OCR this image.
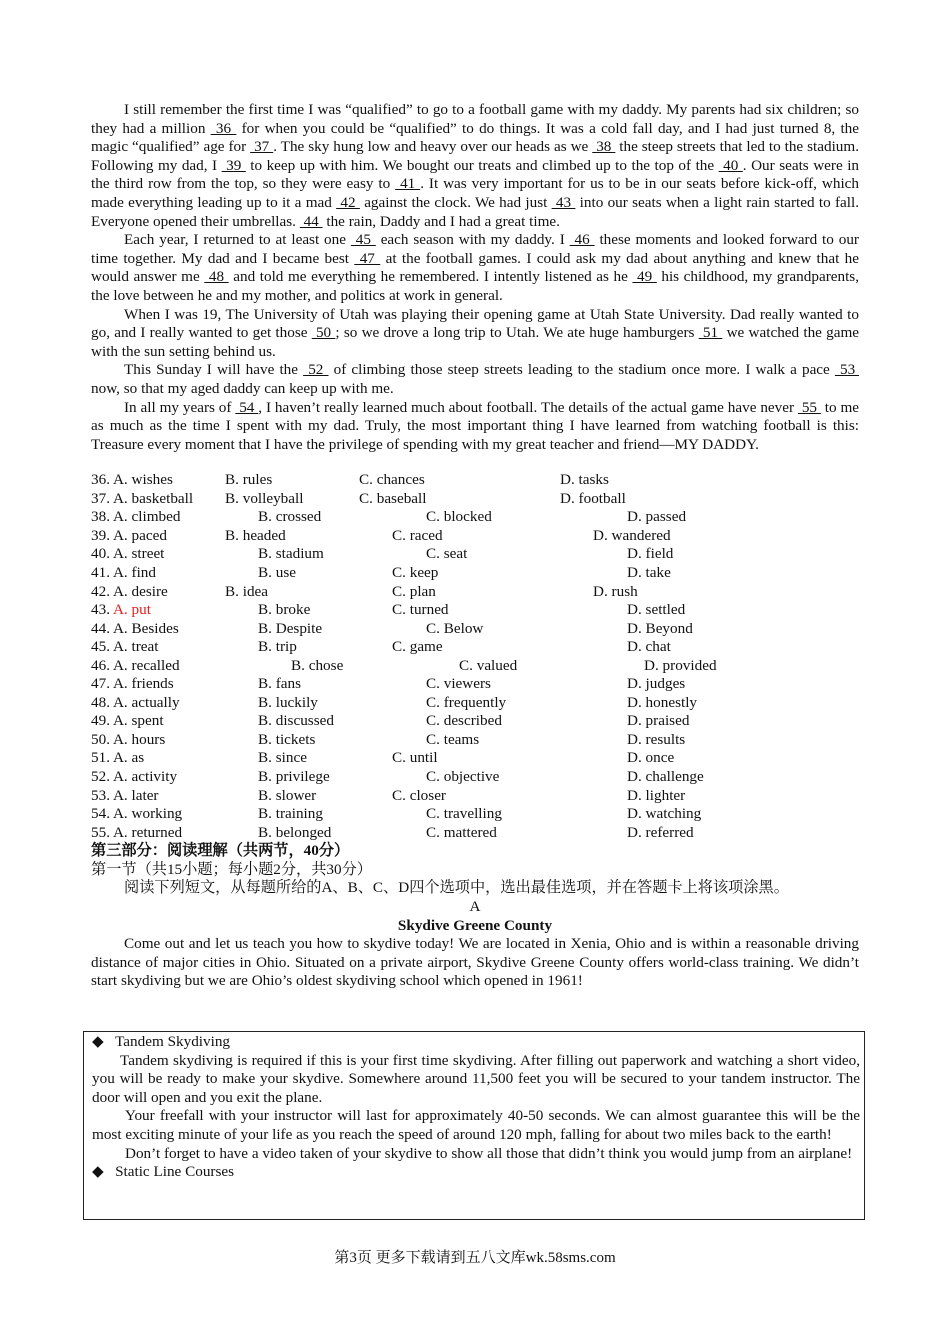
I still remember the first time I was “qualified” to go to a football game with my daddy. My parents had six children; so they had a million  36  for when you could be “qualified” to do things. It was a cold fall day, and I had just turned 8, the magic “qualified” age for  37 . The sky hung low and heavy over our heads as we  38  the steep streets that led to the stadium. Following my dad, I  39  to keep up with him. We bought our treats and climbed up to the top of the  40 . Our seats were in the third row from the top, so they were easy to  41 . It was very important for us to be in our seats before kick-off, which made everything leading up to it a mad  42  against the clock. We had just  43  into our seats when a light rain started to fall. Everyone opened their umbrellas.  44  the rain, Daddy and I had a great time.

Each year, I returned to at least one  45  each season with my daddy. I  46  these moments and looked forward to our time together. My dad and I became best  47  at the football games. I could ask my dad about anything and knew that he would answer me  48  and told me everything he remembered. I intently listened as he  49  his childhood, my grandparents, the love between he and my mother, and politics at work in general.

When I was 19, The University of Utah was playing their opening game at Utah State University. Dad really wanted to go, and I really wanted to get those  50 ; so we drove a long trip to Utah. We ate huge hamburgers  51  we watched the game with the sun setting behind us.

This Sunday I will have the  52  of climbing those steep streets leading to the stadium once more. I walk a pace  53  now, so that my aged daddy can keep up with me.

In all my years of  54 , I haven’t really learned much about football. The details of the actual game have never  55  to me as much as the time I spent with my dad. Truly, the most important thing I have learned from watching football is this: Treasure every moment that I have the privilege of spending with my great teacher and friend—MY DADDY.

36. A. wishes	B. rules	C. chances	D. tasks
37. A. basketball B. volleyball	C. baseball	D. football
38. A. climbed	B. crossed	C. blocked	D. passed
39. A. paced	B. headed	C. raced	D. wandered
40. A. street	B. stadium	C. seat	D. field
41. A. find	B. use	C. keep	D. take
42. A. desire	B. idea	C. plan	D. rush
43. A. put	B. broke	C. turned	D. settled
44. A. Besides	B. Despite	C. Below	D. Beyond
45. A. treat	B. trip	C. game	D. chat
46. A. recalled	B. chose	C. valued	D. provided
47. A. friends	B. fans	C. viewers	D. judges
48. A. actually	B. luckily	C. frequently	D. honestly
49. A. spent	B. discussed	C. described	D. praised
50. A. hours	B. tickets	C. teams	D. results
51. A. as	B. since	C. until	D. once
52. A. activity	B. privilege	C. objective	D. challenge
53. A. later	B. slower	C. closer	D. lighter
54. A. working	B. training	C. travelling	D. watching
55. A. returned	B. belonged	C. mattered	D. referred
第三部分：阅读理解（共两节，40分）
第一节（共15小题；每小题2分，共30分）
阅读下列短文，从每题所给的A、B、C、D四个选项中，选出最佳选项，并在答题卡上将该项涂黑。
A
Skydive Greene County

Come out and let us teach you how to skydive today! We are located in Xenia, Ohio and is within a reasonable driving distance of major cities in Ohio. Situated on a private airport, Skydive Greene County offers world-class training. We didn’t start skydiving but we are Ohio’s oldest skydiving school which opened in 1961!

◆ Tandem Skydiving

Tandem skydiving is required if this is your first time skydiving. After filling out paperwork and watching a short video, you will be ready to make your skydive. Somewhere around 11,500 feet you will be secured to your tandem instructor. The door will open and you exit the plane.

Your freefall with your instructor will last for approximately 40-50 seconds. We can almost guarantee this will be the most exciting minute of your life as you reach the speed of around 120 mph, falling for about two miles back to the earth!

Don’t forget to have a video taken of your skydive to show all those that didn’t think you would jump from an airplane!

◆ Static Line Courses
第3页 更多下载请到五八文库wk.58sms.com
